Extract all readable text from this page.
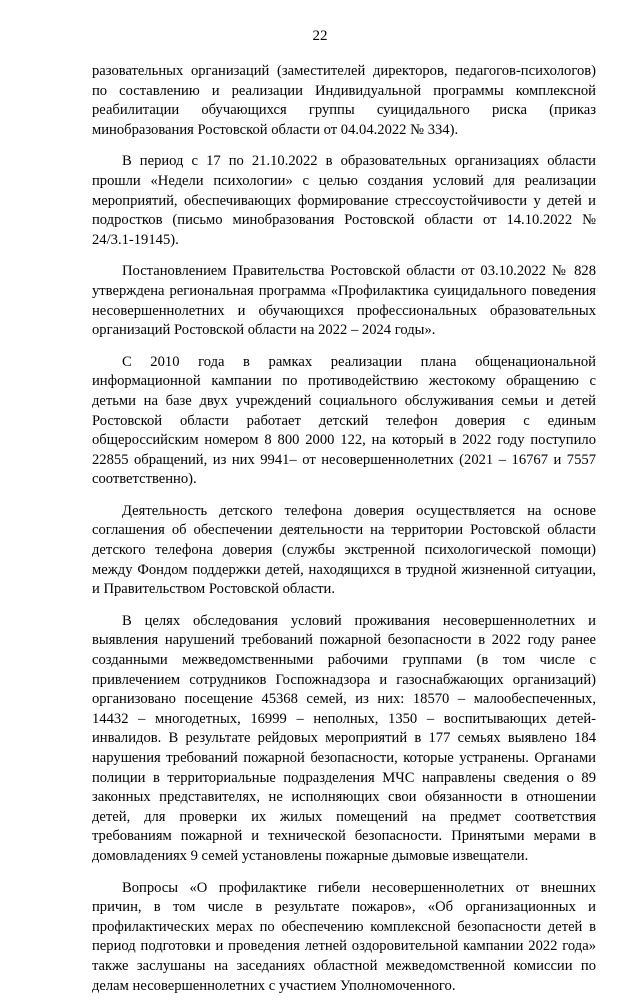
22

разовательных организаций (заместителей директоров, педагогов-психологов) по составлению и реализации Индивидуальной программы комплексной реабилитации обучающихся группы суицидального риска (приказ минобразования Ростовской области от 04.04.2022 № 334).

В период с 17 по 21.10.2022 в образовательных организациях области прошли «Недели психологии» с целью создания условий для реализации мероприятий, обеспечивающих формирование стрессоустойчивости у детей и подростков (письмо минобразования Ростовской области от 14.10.2022 № 24/3.1-19145).

Постановлением Правительства Ростовской области от 03.10.2022 № 828 утверждена региональная программа «Профилактика суицидального поведения несовершеннолетних и обучающихся профессиональных образовательных организаций Ростовской области на 2022 – 2024 годы».

С 2010 года в рамках реализации плана общенациональной информационной кампании по противодействию жестокому обращению с детьми на базе двух учреждений социального обслуживания семьи и детей Ростовской области работает детский телефон доверия с единым общероссийским номером 8 800 2000 122, на который в 2022 году поступило 22855 обращений, из них 9941– от несовершеннолетних (2021 – 16767 и 7557 соответственно).

Деятельность детского телефона доверия осуществляется на основе соглашения об обеспечении деятельности на территории Ростовской области детского телефона доверия (службы экстренной психологической помощи) между Фондом поддержки детей, находящихся в трудной жизненной ситуации, и Правительством Ростовской области.

В целях обследования условий проживания несовершеннолетних и выявления нарушений требований пожарной безопасности в 2022 году ранее созданными межведомственными рабочими группами (в том числе с привлечением сотрудников Госпожнадзора и газоснабжающих организаций) организовано посещение 45368 семей, из них: 18570 – малообеспеченных, 14432 – многодетных, 16999 – неполных, 1350 – воспитывающих детей-инвалидов. В результате рейдовых мероприятий в 177 семьях выявлено 184 нарушения требований пожарной безопасности, которые устранены. Органами полиции в территориальные подразделения МЧС направлены сведения о 89 законных представителях, не исполняющих свои обязанности в отношении детей, для проверки их жилых помещений на предмет соответствия требованиям пожарной и технической безопасности. Принятыми мерами в домовладениях 9 семей установлены пожарные дымовые извещатели.

Вопросы «О профилактике гибели несовершеннолетних от внешних причин, в том числе в результате пожаров», «Об организационных и профилактических мерах по обеспечению комплексной безопасности детей в период подготовки и проведения летней оздоровительной кампании 2022 года» также заслушаны на заседаниях областной межведомственной комиссии по делам несовершеннолетних с участием Уполномоченного.
